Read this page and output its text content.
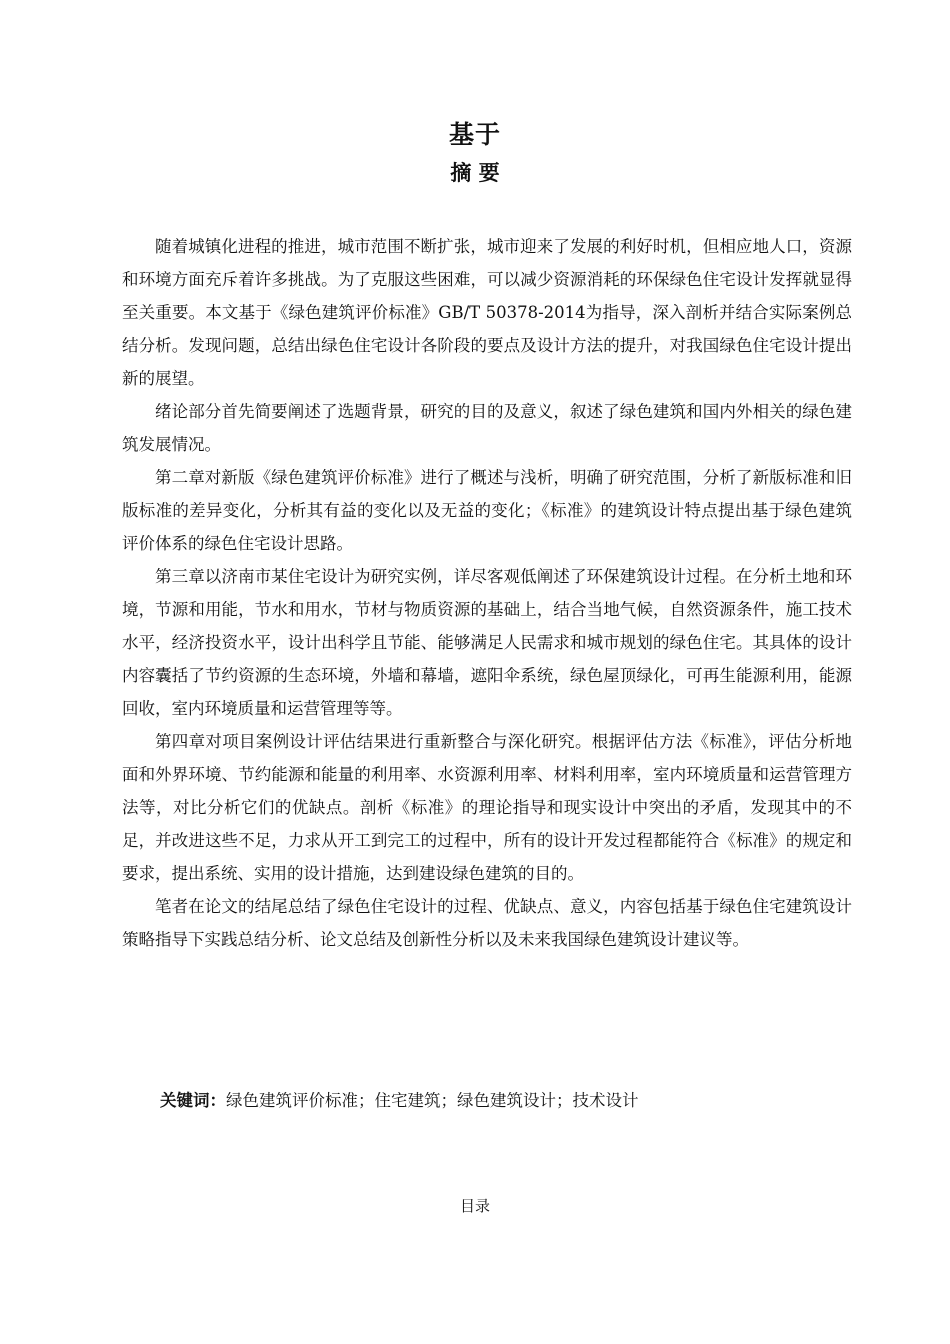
基于
摘 要

随着城镇化进程的推进，城市范围不断扩张，城市迎来了发展的利好时机，但相应地人口，资源和环境方面充斥着许多挑战。为了克服这些困难，可以减少资源消耗的环保绿色住宅设计发挥就显得至关重要。本文基于《绿色建筑评价标准》GB/T 50378-2014为指导，深入剖析并结合实际案例总结分析。发现问题，总结出绿色住宅设计各阶段的要点及设计方法的提升，对我国绿色住宅设计提出新的展望。

绪论部分首先简要阐述了选题背景，研究的目的及意义，叙述了绿色建筑和国内外相关的绿色建筑发展情况。

第二章对新版《绿色建筑评价标准》进行了概述与浅析，明确了研究范围，分析了新版标准和旧版标准的差异变化，分析其有益的变化以及无益的变化；《标准》的建筑设计特点提出基于绿色建筑评价体系的绿色住宅设计思路。

第三章以济南市某住宅设计为研究实例，详尽客观低阐述了环保建筑设计过程。在分析土地和环境，节源和用能，节水和用水，节材与物质资源的基础上，结合当地气候，自然资源条件，施工技术水平，经济投资水平，设计出科学且节能、能够满足人民需求和城市规划的绿色住宅。其具体的设计内容囊括了节约资源的生态环境，外墙和幕墙，遮阳伞系统，绿色屋顶绿化，可再生能源利用，能源回收，室内环境质量和运营管理等等。

第四章对项目案例设计评估结果进行重新整合与深化研究。根据评估方法《标准》，评估分析地面和外界环境、节约能源和能量的利用率、水资源利用率、材料利用率，室内环境质量和运营管理方法等，对比分析它们的优缺点。剖析《标准》的理论指导和现实设计中突出的矛盾，发现其中的不足，并改进这些不足，力求从开工到完工的过程中，所有的设计开发过程都能符合《标准》的规定和要求，提出系统、实用的设计措施，达到建设绿色建筑的目的。

笔者在论文的结尾总结了绿色住宅设计的过程、优缺点、意义，内容包括基于绿色住宅建筑设计策略指导下实践总结分析、论文总结及创新性分析以及未来我国绿色建筑设计建议等。

关键词：绿色建筑评价标准；住宅建筑；绿色建筑设计；技术设计
目录
